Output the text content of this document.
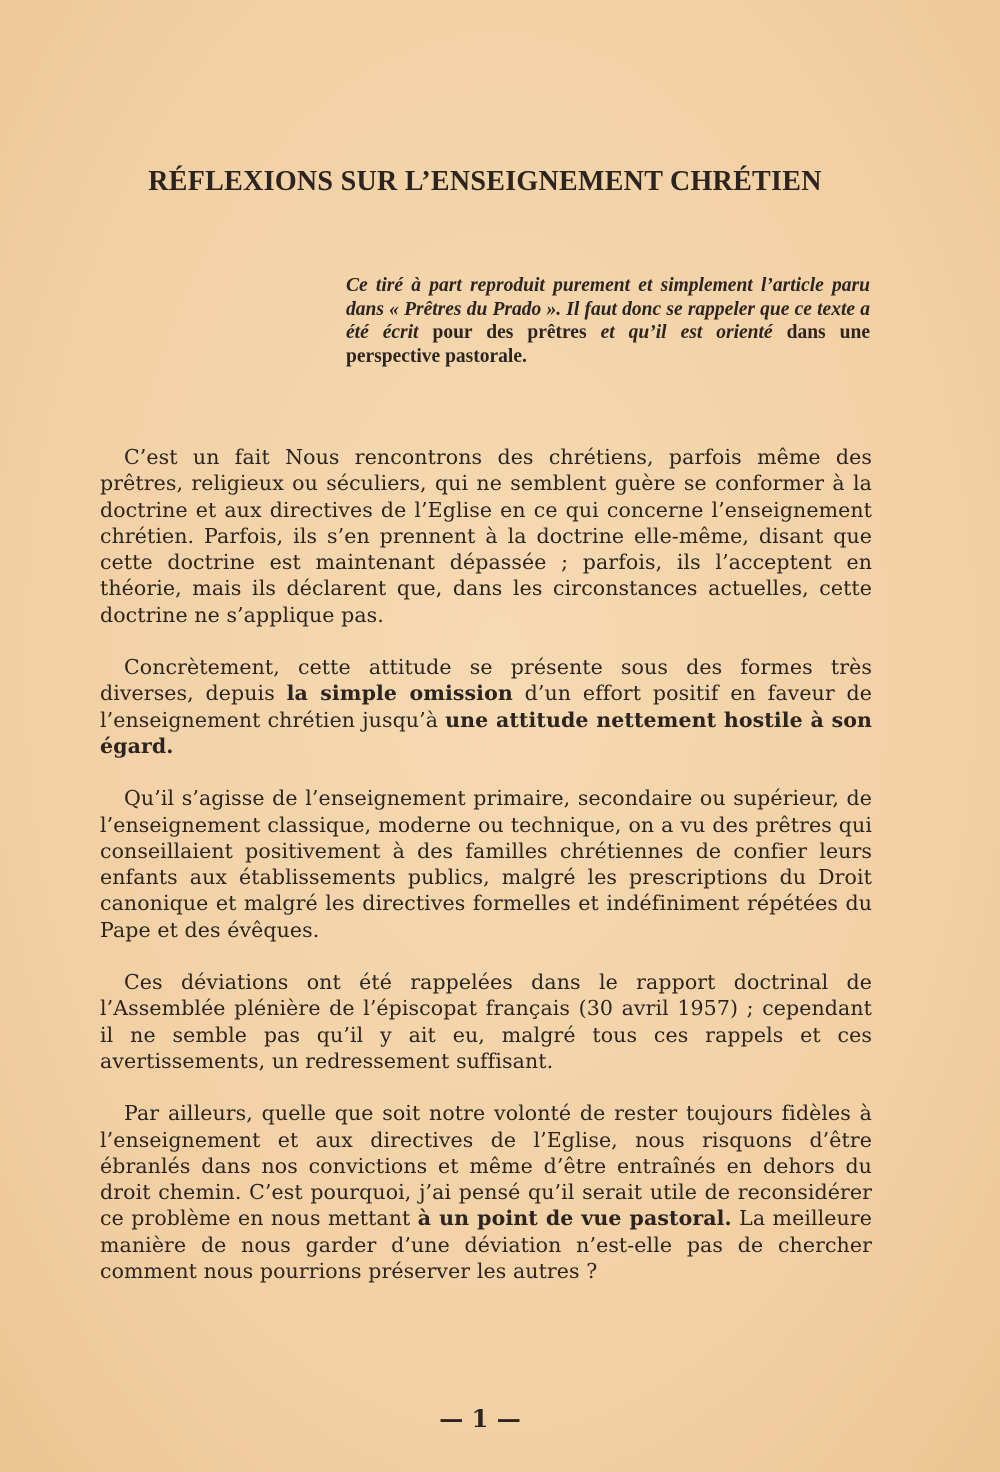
RÉFLEXIONS SUR L’ENSEIGNEMENT CHRÉTIEN

Ce tiré à part reproduit purement et simplement l’article paru dans « Prêtres du Prado ». Il faut donc se rappeler que ce texte a été écrit pour des prêtres et qu’il est orienté dans une perspective pastorale.

C’est un fait Nous rencontrons des chrétiens, parfois même des prêtres, religieux ou séculiers, qui ne semblent guère se conformer à la doctrine et aux directives de l’Eglise en ce qui concerne l’enseignement chrétien. Parfois, ils s’en prennent à la doctrine elle-même, disant que cette doctrine est maintenant dépassée ; parfois, ils l’acceptent en théorie, mais ils déclarent que, dans les circonstances actuelles, cette doctrine ne s’applique pas.

Concrètement, cette attitude se présente sous des formes très diverses, depuis la simple omission d’un effort positif en faveur de l’enseignement chrétien jusqu’à une attitude nettement hostile à son égard.

Qu’il s’agisse de l’enseignement primaire, secondaire ou supérieur, de l’enseignement classique, moderne ou technique, on a vu des prêtres qui conseillaient positivement à des familles chrétiennes de confier leurs enfants aux établissements publics, malgré les prescriptions du Droit canonique et malgré les directives formelles et indéfiniment répétées du Pape et des évêques.

Ces déviations ont été rappelées dans le rapport doctrinal de l’Assemblée plénière de l’épiscopat français (30 avril 1957) ; cependant il ne semble pas qu’il y ait eu, malgré tous ces rappels et ces avertissements, un redressement suffisant.

Par ailleurs, quelle que soit notre volonté de rester toujours fidèles à l’enseignement et aux directives de l’Eglise, nous risquons d’être ébranlés dans nos convictions et même d’être entraînés en dehors du droit chemin. C’est pourquoi, j’ai pensé qu’il serait utile de reconsidérer ce problème en nous mettant à un point de vue pastoral. La meilleure manière de nous garder d’une déviation n’est-elle pas de chercher comment nous pourrions préserver les autres ?

— 1 —
